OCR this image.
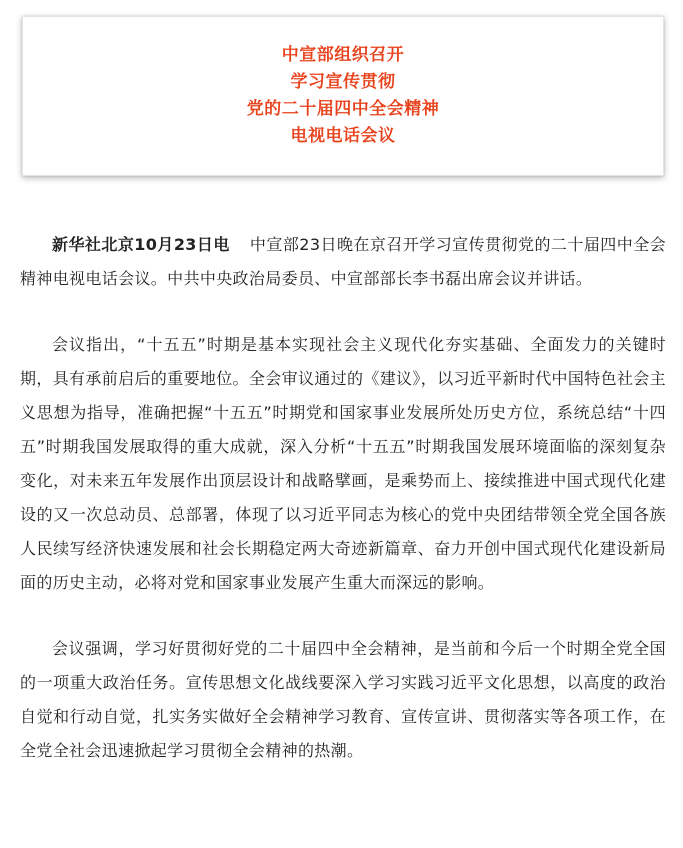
中宣部组织召开
学习宣传贯彻
党的二十届四中全会精神
电视电话会议

新华社北京10月23日电 中宣部23日晚在京召开学习宣传贯彻党的二十届四中全会精神电视电话会议。中共中央政治局委员、中宣部部长李书磊出席会议并讲话。

会议指出，“十五五”时期是基本实现社会主义现代化夯实基础、全面发力的关键时期，具有承前启后的重要地位。全会审议通过的《建议》，以习近平新时代中国特色社会主义思想为指导，准确把握“十五五”时期党和国家事业发展所处历史方位，系统总结“十四五”时期我国发展取得的重大成就，深入分析“十五五”时期我国发展环境面临的深刻复杂变化，对未来五年发展作出顶层设计和战略擘画，是乘势而上、接续推进中国式现代化建设的又一次总动员、总部署，体现了以习近平同志为核心的党中央团结带领全党全国各族人民续写经济快速发展和社会长期稳定两大奇迹新篇章、奋力开创中国式现代化建设新局面的历史主动，必将对党和国家事业发展产生重大而深远的影响。

会议强调，学习好贯彻好党的二十届四中全会精神，是当前和今后一个时期全党全国的一项重大政治任务。宣传思想文化战线要深入学习实践习近平文化思想，以高度的政治自觉和行动自觉，扎实务实做好全会精神学习教育、宣传宣讲、贯彻落实等各项工作，在全党全社会迅速掀起学习贯彻全会精神的热潮。
